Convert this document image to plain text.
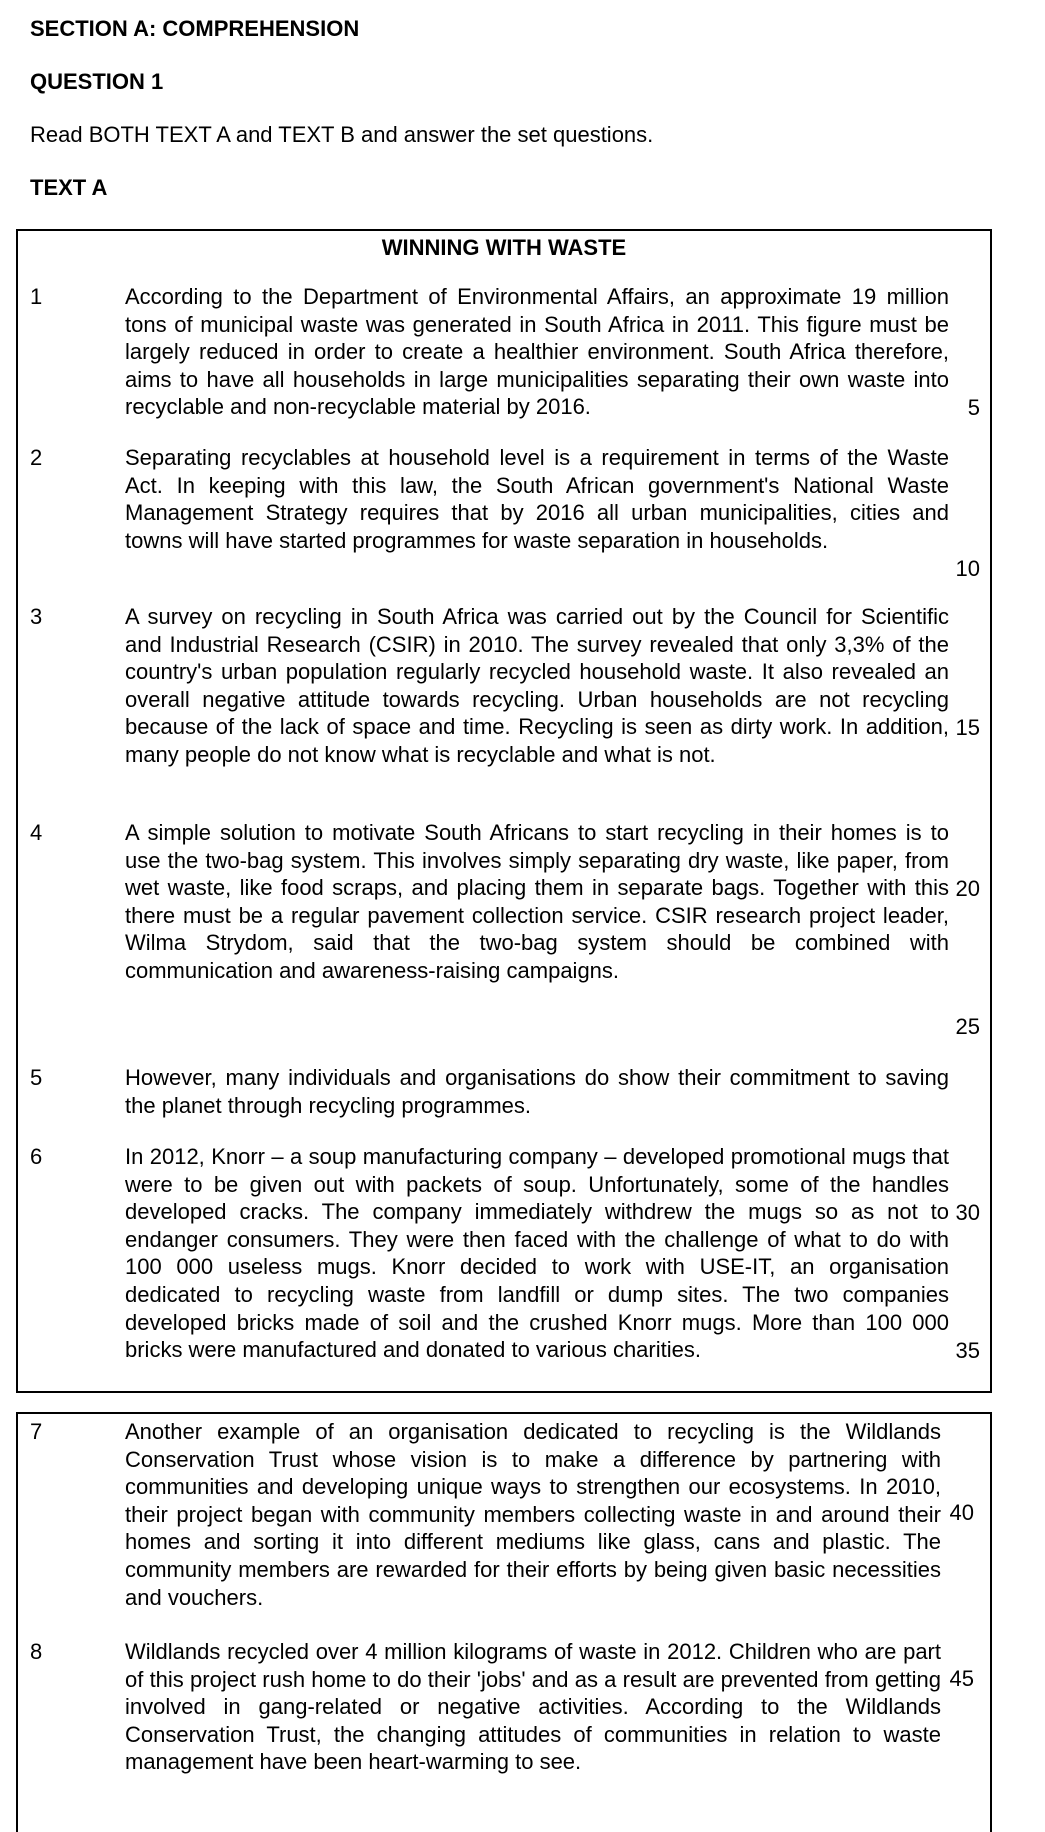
SECTION A: COMPREHENSION
QUESTION 1
Read BOTH TEXT A and TEXT B and answer the set questions.
TEXT A
WINNING WITH WASTE
1	According to the Department of Environmental Affairs, an approximate 19 million tons of municipal waste was generated in South Africa in 2011. This figure must be largely reduced in order to create a healthier environment. South Africa therefore, aims to have all households in large municipalities separating their own waste into recyclable and non-recyclable material by 2016.

2	Separating recyclables at household level is a requirement in terms of the Waste Act. In keeping with this law, the South African government's National Waste Management Strategy requires that by 2016 all urban municipalities, cities and towns will have started programmes for waste separation in households.

3	A survey on recycling in South Africa was carried out by the Council for Scientific and Industrial Research (CSIR) in 2010. The survey revealed that only 3,3% of the country's urban population regularly recycled household waste. It also revealed an overall negative attitude towards recycling. Urban households are not recycling because of the lack of space and time. Recycling is seen as dirty work. In addition, many people do not know what is recyclable and what is not.

4	A simple solution to motivate South Africans to start recycling in their homes is to use the two-bag system. This involves simply separating dry waste, like paper, from wet waste, like food scraps, and placing them in separate bags. Together with this there must be a regular pavement collection service. CSIR research project leader, Wilma Strydom, said that the two-bag system should be combined with communication and awareness-raising campaigns.

5	However, many individuals and organisations do show their commitment to saving the planet through recycling programmes.

6	In 2012, Knorr – a soup manufacturing company – developed promotional mugs that were to be given out with packets of soup. Unfortunately, some of the handles developed cracks. The company immediately withdrew the mugs so as not to endanger consumers. They were then faced with the challenge of what to do with 100 000 useless mugs. Knorr decided to work with USE-IT, an organisation dedicated to recycling waste from landfill or dump sites. The two companies developed bricks made of soil and the crushed Knorr mugs. More than 100 000 bricks were manufactured and donated to various charities.

5
10
15
20
25
30
35
7	Another example of an organisation dedicated to recycling is the Wildlands Conservation Trust whose vision is to make a difference by partnering with communities and developing unique ways to strengthen our ecosystems. In 2010, their project began with community members collecting waste in and around their homes and sorting it into different mediums like glass, cans and plastic. The community members are rewarded for their efforts by being given basic necessities and vouchers.

8	Wildlands recycled over 4 million kilograms of waste in 2012. Children who are part of this project rush home to do their 'jobs' and as a result are prevented from getting involved in gang-related or negative activities. According to the Wildlands Conservation Trust, the changing attitudes of communities in relation to waste management have been heart-warming to see.

40
45
